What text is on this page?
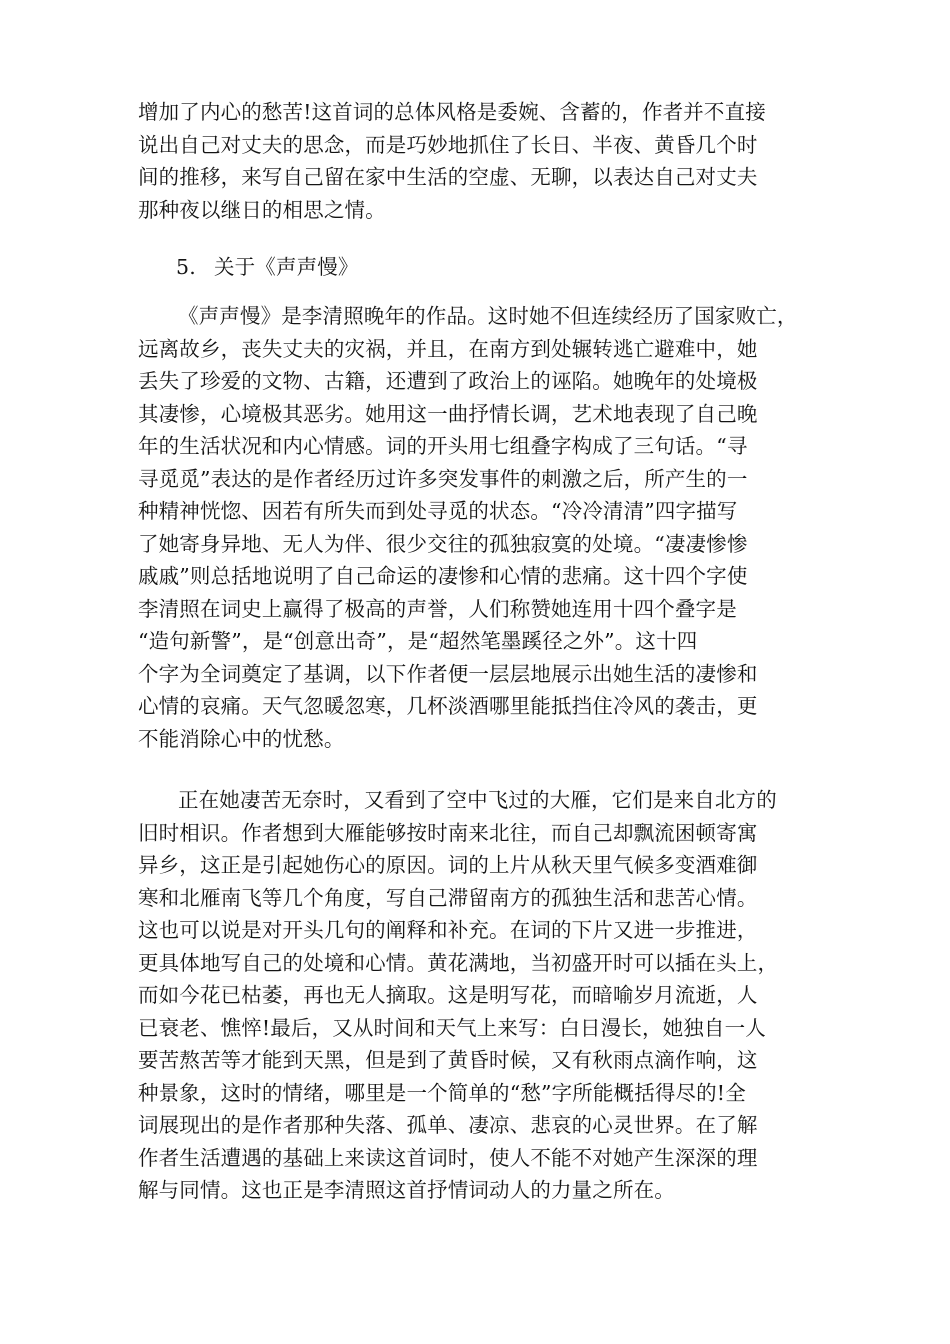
增加了内心的愁苦!这首词的总体风格是委婉、含蓄的，作者并不直接
说出自己对丈夫的思念，而是巧妙地抓住了长日、半夜、黄昏几个时
间的推移，来写自己留在家中生活的空虚、无聊，以表达自己对丈夫
那种夜以继日的相思之情。
5. 关于《声声慢》
《声声慢》是李清照晚年的作品。这时她不但连续经历了国家败亡，
远离故乡，丧失丈夫的灾祸，并且，在南方到处辗转逃亡避难中，她
丢失了珍爱的文物、古籍，还遭到了政治上的诬陷。她晚年的处境极
其凄惨，心境极其恶劣。她用这一曲抒情长调，艺术地表现了自己晚
年的生活状况和内心情感。词的开头用七组叠字构成了三句话。“寻
寻觅觅”表达的是作者经历过许多突发事件的刺激之后，所产生的一
种精神恍惚、因若有所失而到处寻觅的状态。“冷冷清清”四字描写
了她寄身异地、无人为伴、很少交往的孤独寂寞的处境。“凄凄惨惨
戚戚”则总括地说明了自己命运的凄惨和心情的悲痛。这十四个字使
李清照在词史上赢得了极高的声誉，人们称赞她连用十四个叠字是
“造句新警”，是“创意出奇”，是“超然笔墨蹊径之外”。这十四
个字为全词奠定了基调，以下作者便一层层地展示出她生活的凄惨和
心情的哀痛。天气忽暖忽寒，几杯淡酒哪里能抵挡住冷风的袭击，更
不能消除心中的忧愁。
正在她凄苦无奈时，又看到了空中飞过的大雁，它们是来自北方的
旧时相识。作者想到大雁能够按时南来北往，而自己却飘流困顿寄寓
异乡，这正是引起她伤心的原因。词的上片从秋天里气候多变酒难御
寒和北雁南飞等几个角度，写自己滞留南方的孤独生活和悲苦心情。
这也可以说是对开头几句的阐释和补充。在词的下片又进一步推进，
更具体地写自己的处境和心情。黄花满地，当初盛开时可以插在头上，
而如今花已枯萎，再也无人摘取。这是明写花，而暗喻岁月流逝，人
已衰老、憔悴!最后，又从时间和天气上来写：白日漫长，她独自一人
要苦熬苦等才能到天黑，但是到了黄昏时候，又有秋雨点滴作响，这
种景象，这时的情绪，哪里是一个简单的“愁”字所能概括得尽的!全
词展现出的是作者那种失落、孤单、凄凉、悲哀的心灵世界。在了解
作者生活遭遇的基础上来读这首词时，使人不能不对她产生深深的理
解与同情。这也正是李清照这首抒情词动人的力量之所在。
